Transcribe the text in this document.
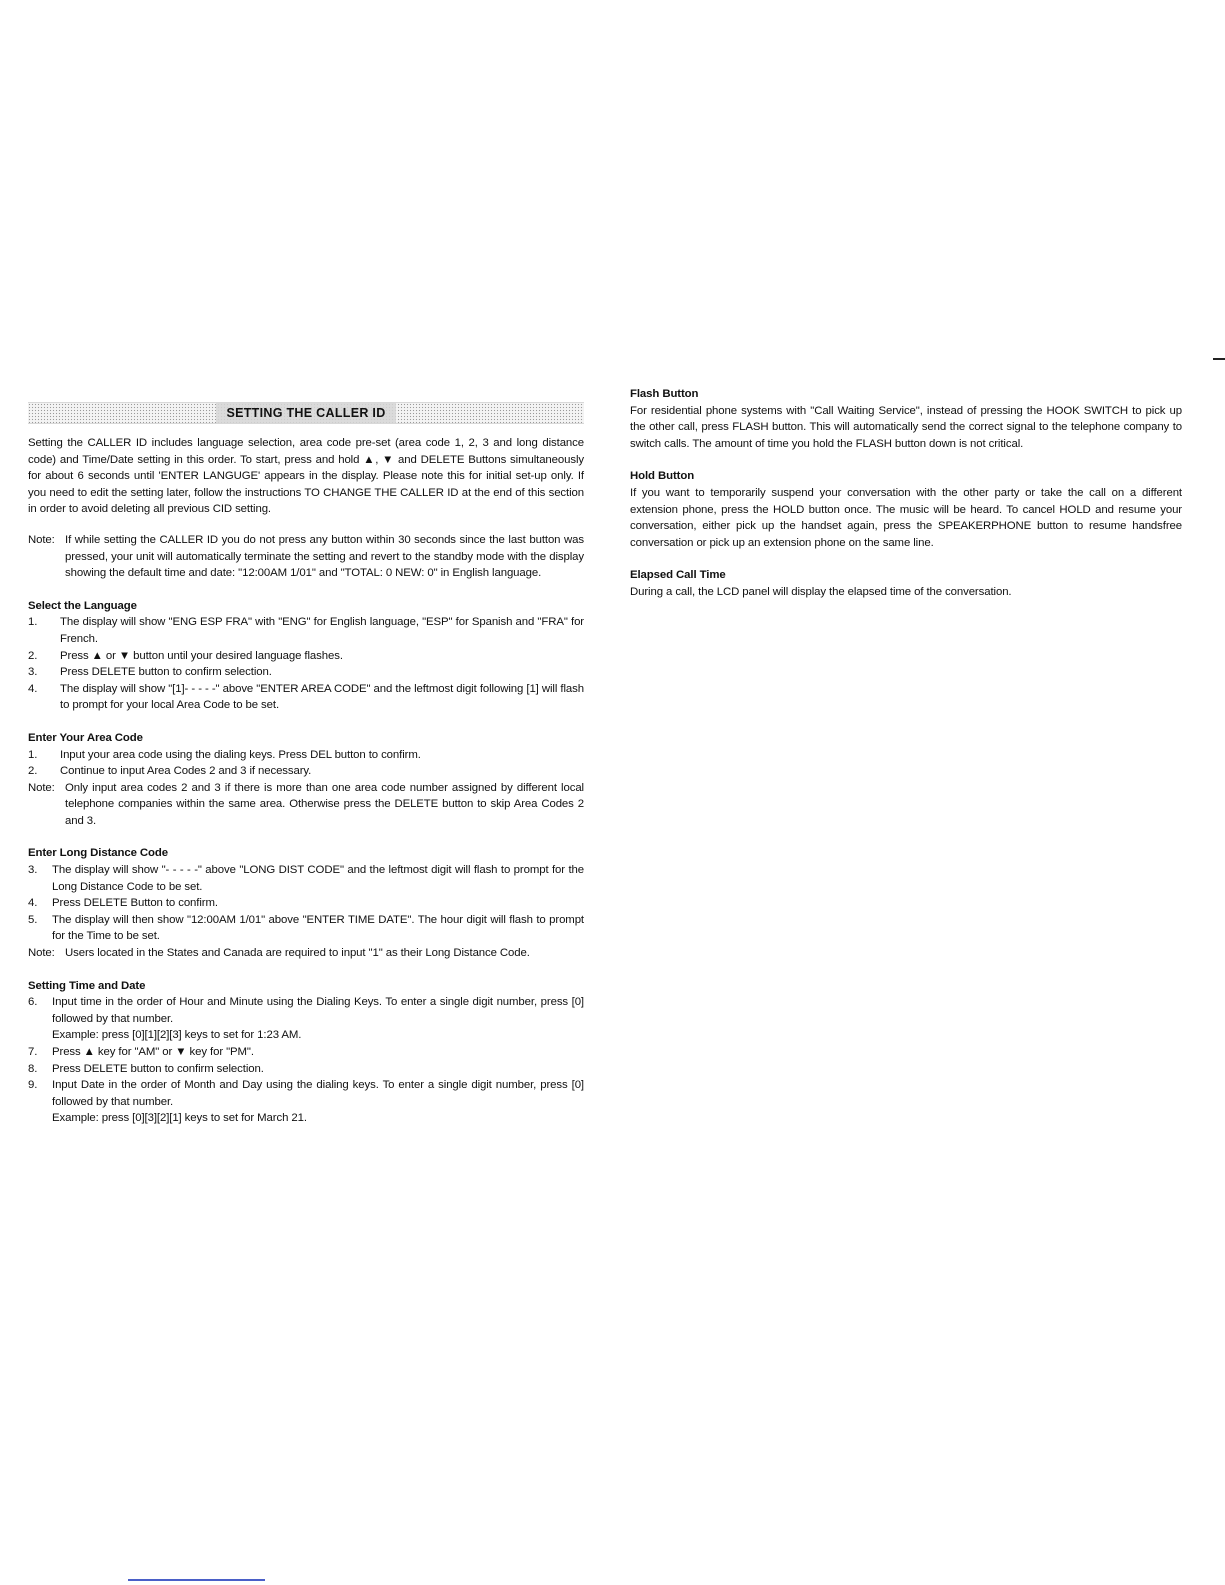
SETTING THE CALLER ID

Setting the CALLER ID includes language selection, area code pre-set (area code 1, 2, 3 and long distance code) and Time/Date setting in this order. To start, press and hold ▲, ▼ and DELETE Buttons simultaneously for about 6 seconds until 'ENTER LANGUGE' appears in the display. Please note this for initial set-up only. If you need to edit the setting later, follow the instructions TO CHANGE THE CALLER ID at the end of this section in order to avoid deleting all previous CID setting.

Note: If while setting the CALLER ID you do not press any button within 30 seconds since the last button was pressed, your unit will automatically terminate the setting and revert to the standby mode with the display showing the default time and date: "12:00AM 1/01" and "TOTAL: 0 NEW: 0" in English language.
Select the Language
1.	The display will show "ENG ESP FRA" with "ENG" for English language, "ESP" for Spanish and "FRA" for French.
2.	Press ▲ or ▼ button until your desired language flashes.
3.	Press DELETE button to confirm selection.
4.	The display will show "[1]- - - - -" above "ENTER AREA CODE" and the leftmost digit following [1] will flash to prompt for your local Area Code to be set.
Enter Your Area Code
1.	Input your area code using the dialing keys. Press DEL button to confirm.
2.	Continue to input Area Codes 2 and 3 if necessary.
Note: Only input area codes 2 and 3 if there is more than one area code number assigned by different local telephone companies within the same area. Otherwise press the DELETE button to skip Area Codes 2 and 3.
Enter Long Distance Code
3.	The display will show "- - - - -" above "LONG DIST CODE" and the leftmost digit will flash to prompt for the Long Distance Code to be set.
4.	Press DELETE Button to confirm.
5.	The display will then show "12:00AM 1/01" above "ENTER TIME DATE". The hour digit will flash to prompt for the Time to be set.
Note: Users located in the States and Canada are required to input "1" as their Long Distance Code.
Setting Time and Date
6.	Input time in the order of Hour and Minute using the Dialing Keys. To enter a single digit number, press [0] followed by that number.
Example: press [0][1][2][3] keys to set for 1:23 AM.
7.	Press ▲ key for "AM" or ▼ key for "PM".
8.	Press DELETE button to confirm selection.
9.	Input Date in the order of Month and Day using the dialing keys. To enter a single digit number, press [0] followed by that number.
Example: press [0][3][2][1] keys to set for March 21.
Flash Button

For residential phone systems with "Call Waiting Service", instead of pressing the HOOK SWITCH to pick up the other call, press FLASH button. This will automatically send the correct signal to the telephone company to switch calls. The amount of time you hold the FLASH button down is not critical.

Hold Button

If you want to temporarily suspend your conversation with the other party or take the call on a different extension phone, press the HOLD button once. The music will be heard. To cancel HOLD and resume your conversation, either pick up the handset again, press the SPEAKERPHONE button to resume handsfree conversation or pick up an extension phone on the same line.

Elapsed Call Time

During a call, the LCD panel will display the elapsed time of the conversation.
